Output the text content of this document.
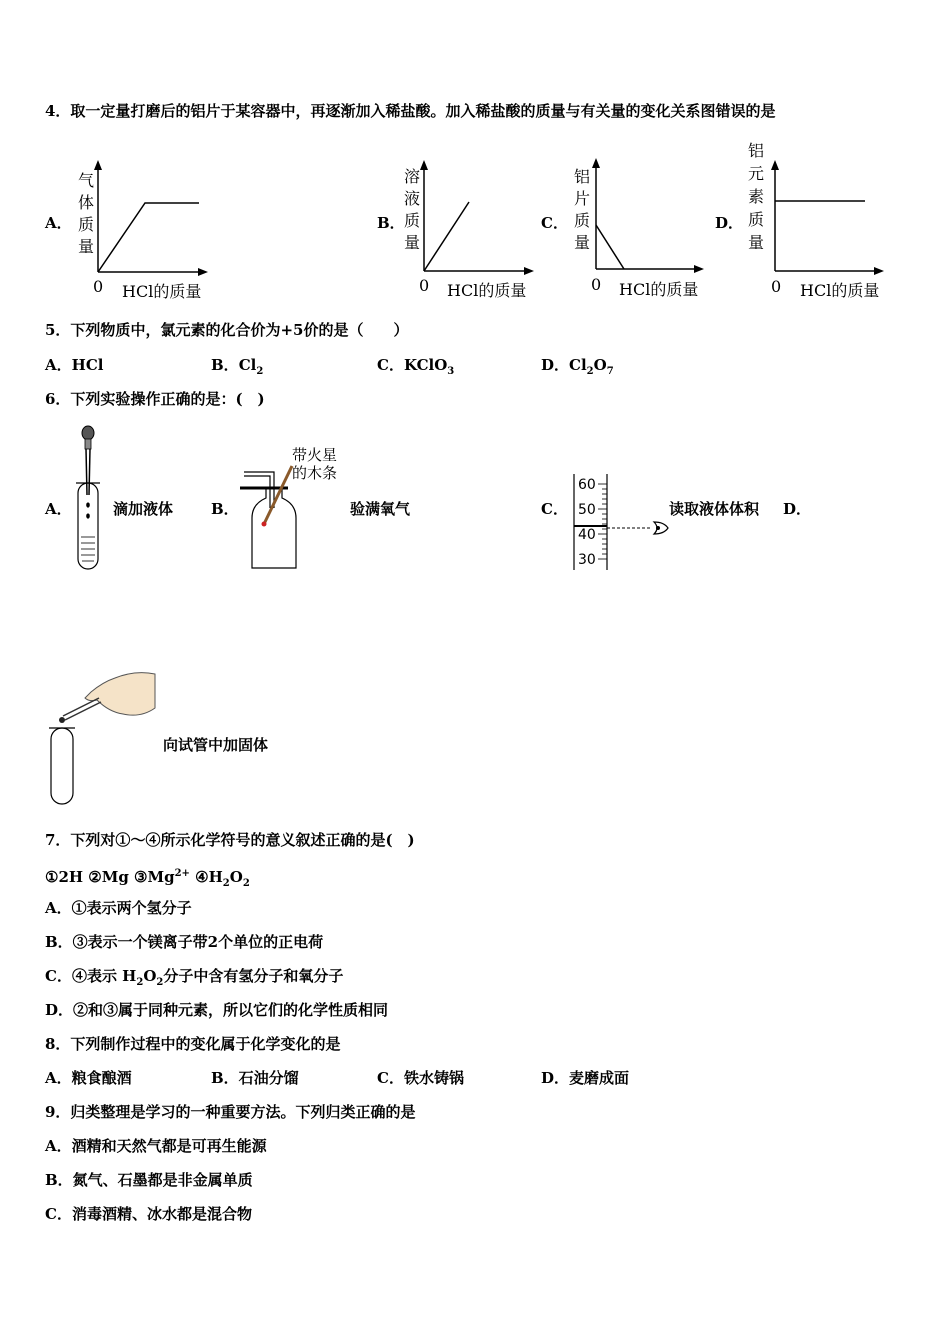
4．取一定量打磨后的铝片于某容器中，再逐渐加入稀盐酸。加入稀盐酸的质量与有关量的变化关系图错误的是
A．
气
体
质
量
0 HCl的质量
B．
溶
液
质
量
0 HCl的质量
C．
铝
片
质
量
0 HCl的质量
D．
铝
元
素
质
量
0 HCl的质量
5．下列物质中，氯元素的化合价为+5价的是（　　）
A．HCl	B．$Cl_2$	C．KClO$_3$	D．$Cl_2O_7$
6．下列实验操作正确的是：(　)
A．	滴加液体	B．
带火星
的木条
验满氧气	C．
60
50
40
30
读取液体体积 D．
向试管中加固体
7．下列对①～④所示化学符号的意义叙述正确的是(　)
①2H ②Mg $③Mg^{2+}$ $④H_2O_2$
A．①表示两个氢分子
B．③表示一个镁离子带2个单位的正电荷
C．④表示 $H_2O_2$分子中含有氢分子和氧分子
D．②和③属于同种元素，所以它们的化学性质相同
8．下列制作过程中的变化属于化学变化的是
A．粮食酿酒	B．石油分馏	C．铁水铸锅	D．麦磨成面
9．归类整理是学习的一种重要方法。下列归类正确的是
A．酒精和天然气都是可再生能源
B．氮气、石墨都是非金属单质
C．消毒酒精、冰水都是混合物
